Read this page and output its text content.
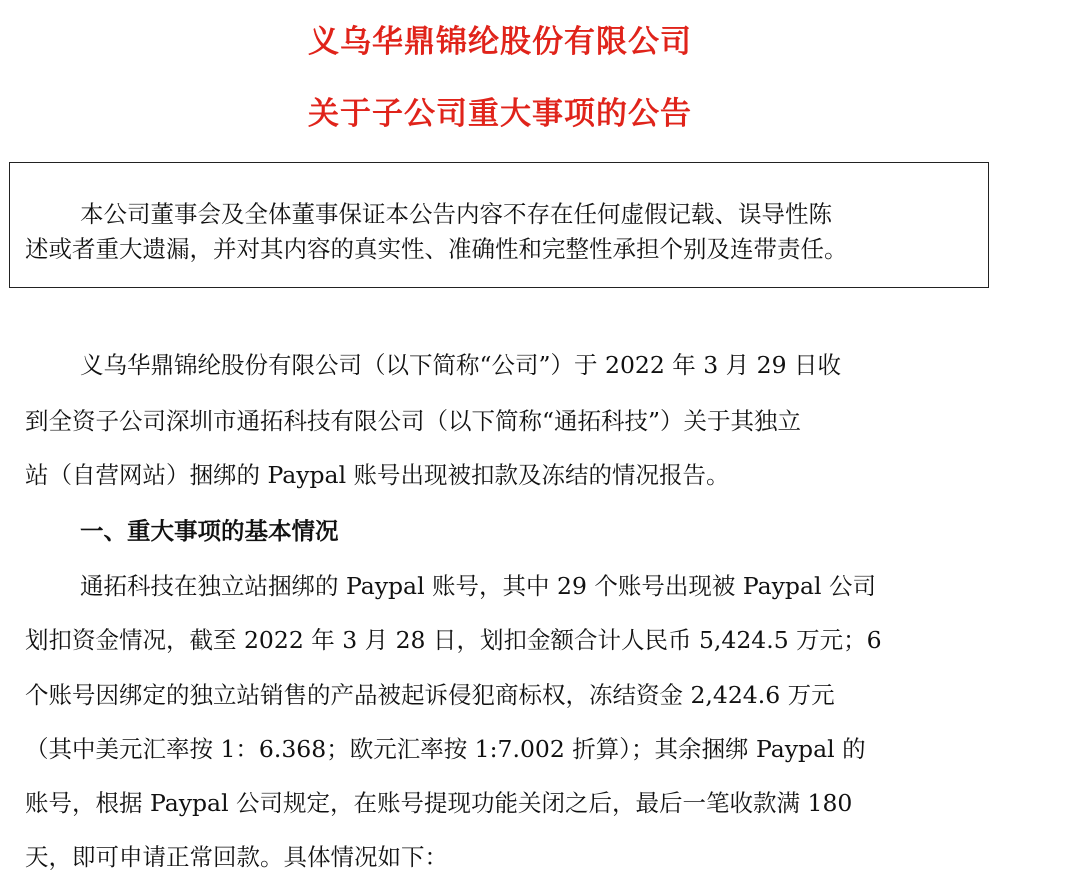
义乌华鼎锦纶股份有限公司
关于子公司重大事项的公告
本公司董事会及全体董事保证本公告内容不存在任何虚假记载、误导性陈
述或者重大遗漏，并对其内容的真实性、准确性和完整性承担个别及连带责任。
义乌华鼎锦纶股份有限公司（以下简称“公司”）于 2022 年 3 月 29 日收
到全资子公司深圳市通拓科技有限公司（以下简称“通拓科技”）关于其独立
站（自营网站）捆绑的 Paypal 账号出现被扣款及冻结的情况报告。
一、重大事项的基本情况
通拓科技在独立站捆绑的 Paypal 账号，其中 29 个账号出现被 Paypal 公司
划扣资金情况，截至 2022 年 3 月 28 日，划扣金额合计人民币 5,424.5 万元；6
个账号因绑定的独立站销售的产品被起诉侵犯商标权，冻结资金 2,424.6 万元
（其中美元汇率按 1：6.368；欧元汇率按 1:7.002 折算）；其余捆绑 Paypal 的
账号，根据 Paypal 公司规定，在账号提现功能关闭之后，最后一笔收款满 180
天，即可申请正常回款。具体情况如下：
